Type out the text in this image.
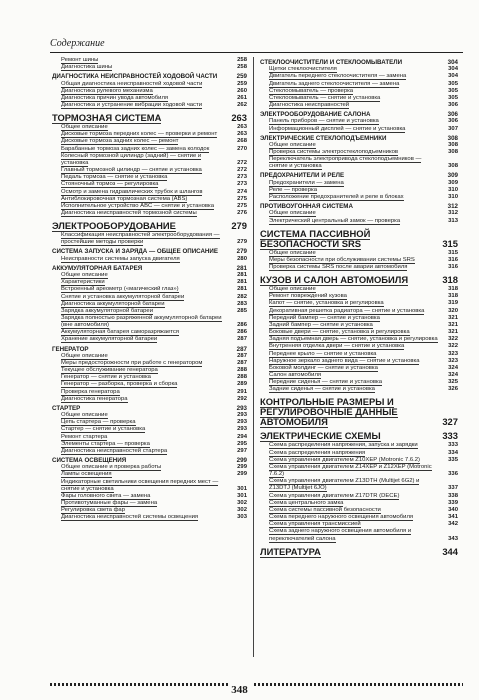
Содержание
Ремонт шины	258
Диагностика шины	258
ДИАГНОСТИКА НЕИСПРАВНОСТЕЙ ХОДОВОЙ ЧАСТИ	259
Общая диагностика неисправностей ходовой части	259
Диагностика рулевого механизма	260
Диагностика причин увода автомобиля	261
Диагностика и устранение вибрации ходовой части	262
ТОРМОЗНАЯ СИСТЕМА	263
Общее описание	263
Дисковые тормоза передних колес — проверки и ремонт	263
Дисковые тормоза задних колес — ремонт	268
Барабанные тормоза задних колес — замена колодок	270
Колесный тормозной цилиндр (задний) — снятие и установка	272
Главный тормозной цилиндр — снятие и установка	272
Педаль тормоза — снятие и установка	273
Стояночный тормоз — регулировка	273
Осмотр и замена гидравлических трубок и шлангов	274
Антиблокировочная тормозная система (ABS)	275
Исполнительное устройство ABC — снятие и установка	275
Диагностика неисправностей тормозной системы	276
ЭЛЕКТРООБОРУДОВАНИЕ	279
Классификация неисправностей электрооборудования — простейшие методы проверки	279
СИСТЕМА ЗАПУСКА И ЗАРЯДА — ОБЩЕЕ ОПИСАНИЕ	279
Неисправности системы запуска двигателя	280
АККУМУЛЯТОРНАЯ БАТАРЕЯ	281
Общее описание	281
Характеристики	281
Встроенный ареометр («магический глаз»)	281
Снятие и установка аккумуляторной батареи	282
Диагностика аккумуляторной батареи	283
Зарядка аккумуляторной батареи	285
Зарядка полностью разряженной аккумуляторной батареи (вне автомобиля)	286
Аккумуляторная батарея саморазряжается	286
Хранение аккумуляторной батареи	287
ГЕНЕРАТОР	287
Общее описание	287
Меры предосторожности при работе с генератором	287
Текущее обслуживание генератора	288
Генератор — снятие и установка	288
Генератор — разборка, проверка и сборка	289
Проверка генератора	291
Диагностика генератора	292
СТАРТЕР	293
Общее описание	293
Цепь стартера — проверка	293
Стартер — снятие и установка	293
Ремонт стартера	294
Элементы стартера — проверка	295
Диагностика неисправностей стартера	297
СИСТЕМА ОСВЕЩЕНИЯ	299
Общее описание и проверка работы	299
Лампы освещения	299
Индикаторные светильники освещения передних мест — снятие и установка	301
Фары головного света — замена	301
Противотуманные фары — замена	302
Регулировка света фар	302
Диагностика неисправностей системы освещения	303
СТЕКЛООЧИСТИТЕЛИ И СТЕКЛООМЫВАТЕЛИ	304
Щетки стеклоочистителя	304
Двигатель переднего стеклоочистителя — замена	304
Двигатель заднего стеклоочистителя — замена	305
Стеклоомыватель — проверка	305
Стеклоомыватель — снятие и установка	305
Диагностика неисправностей	306
ЭЛЕКТРООБОРУДОВАНИЕ САЛОНА	306
Панель приборов — снятие и установка	306
Информационный дисплей — снятие и установка	307
ЭЛЕКТРИЧЕСКИЕ СТЕКЛОПОДЪЕМНИКИ	308
Общее описание	308
Проверка системы электростеклоподъемников	308
Переключатель электропривода стеклоподъемников — снятие и установка	308
ПРЕДОХРАНИТЕЛИ И РЕЛЕ	309
Предохранители — замена	309
Реле — проверка	310
Расположение предохранителей и реле в блоках	310
ПРОТИВОУГОННАЯ СИСТЕМА	312
Общее описание	312
Электрический центральный замок — проверка	313
СИСТЕМА ПАССИВНОЙ БЕЗОПАСНОСТИ SRS	315
Общее описание	315
Меры безопасности при обслуживании системы SRS	316
Проверка системы SRS после аварии автомобиля	316
КУЗОВ И САЛОН АВТОМОБИЛЯ	318
Общее описание	318
Ремонт повреждений кузова	318
Капот — снятие, установка и регулировка	319
Декоративная решетка радиатора — снятие и установка	320
Передний бампер — снятие и установка	321
Задний бампер — снятие и установка	321
Боковые двери — снятие, установка и регулировка	321
Задняя подъемная дверь — снятие, установка и регулировка 322
Внутренняя отделка двери — снятие и установка	322
Переднее крыло — снятие и установка	323
Наружное зеркало заднего вида — снятие и установка	323
Боковой молдинг — снятие и установка	324
Салон автомобиля	324
Передние сиденья — снятие и установка	325
Задние сиденья — снятие и установка	326
КОНТРОЛЬНЫЕ РАЗМЕРЫ И РЕГУЛИРОВОЧНЫЕ ДАННЫЕ АВТОМОБИЛЯ	327
ЭЛЕКТРИЧЕСКИЕ СХЕМЫ	333
Схема распределения напряжения, запуска и зарядки	333
Схема распределения напряжения	334
Схема управления двигателем Z10XEP (Motronic 7.6.2)	335
Схема управления двигателем Z14XEP и Z12XEP (Motronic 7.6.2)	336
Схема управления двигателем Z13DTH (Multijet 6G2) и Z13DTJ (Multijet 6JO)	337
Схема управления двигателем Z17DTR (DECE)	338
Схема центрального замка	339
Схема системы пассивной безопасности	340
Схема переднего наружного освещения автомобиля	341
Схема управления трансмиссией	342
Схема заднего наружного освещения автомобиля и переключателей салона	343
ЛИТЕРАТУРА	344
348
